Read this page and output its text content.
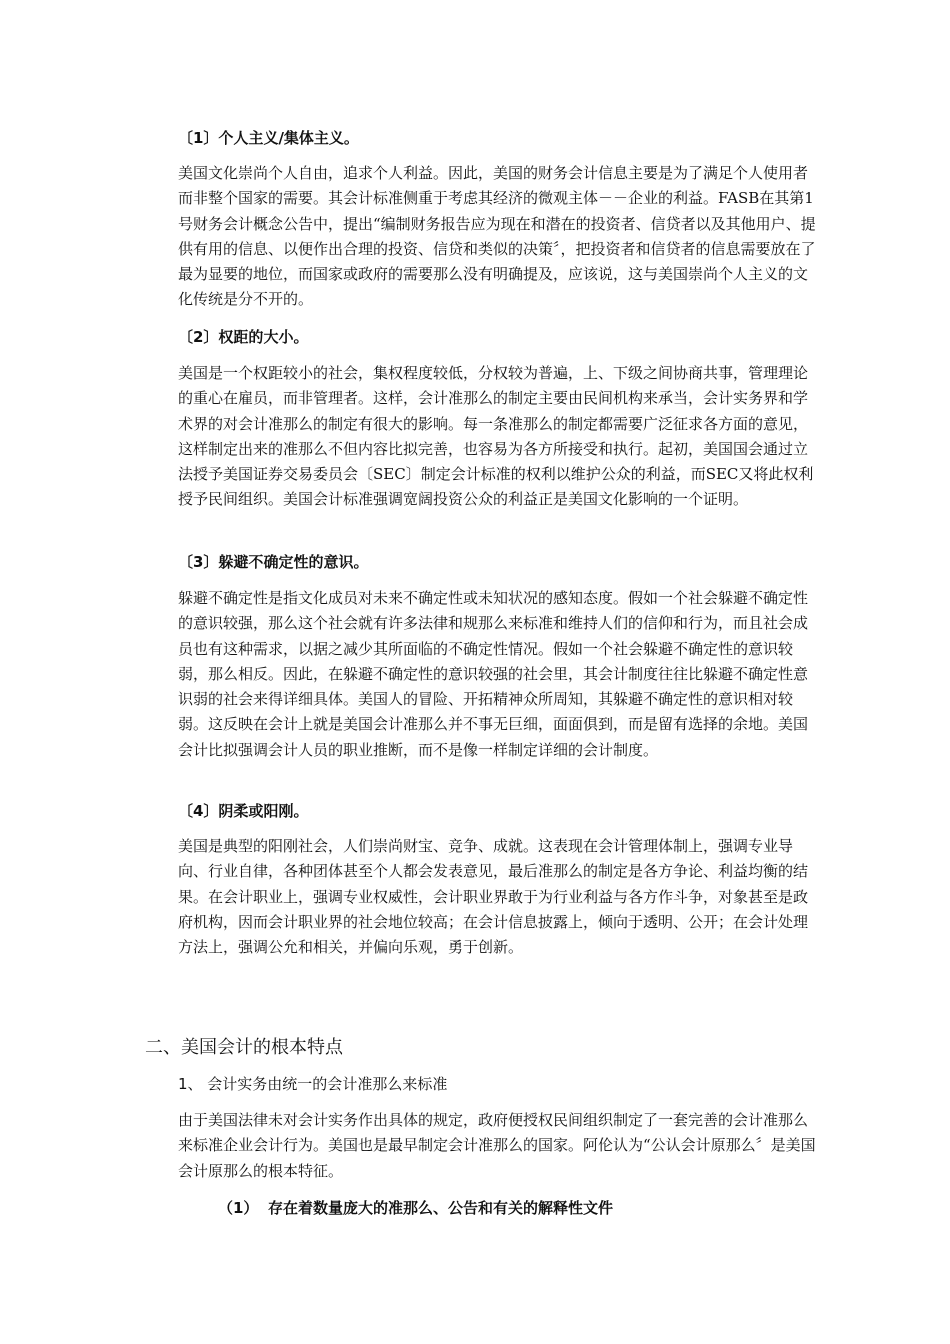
〔1〕个人主义/集体主义。

美国文化崇尚个人自由，追求个人利益。因此，美国的财务会计信息主要是为了满足个人使用者而非整个国家的需要。其会计标准侧重于考虑其经济的微观主体－－企业的利益。FASB在其第1号财务会计概念公告中，提出“编制财务报告应为现在和潜在的投资者、信贷者以及其他用户、提供有用的信息、以便作出合理的投资、信贷和类似的决策〞，把投资者和信贷者的信息需要放在了最为显要的地位，而国家或政府的需要那么没有明确提及，应该说，这与美国崇尚个人主义的文化传统是分不开的。

〔2〕权距的大小。

美国是一个权距较小的社会，集权程度较低，分权较为普遍，上、下级之间协商共事，管理理论的重心在雇员，而非管理者。这样，会计准那么的制定主要由民间机构来承当，会计实务界和学术界的对会计准那么的制定有很大的影响。每一条准那么的制定都需要广泛征求各方面的意见，这样制定出来的准那么不但内容比拟完善，也容易为各方所接受和执行。起初，美国国会通过立法授予美国证券交易委员会〔SEC〕制定会计标准的权利以维护公众的利益，而SEC又将此权利授予民间组织。美国会计标准强调宽阔投资公众的利益正是美国文化影响的一个证明。

〔3〕躲避不确定性的意识。

躲避不确定性是指文化成员对未来不确定性或未知状况的感知态度。假如一个社会躲避不确定性的意识较强，那么这个社会就有许多法律和规那么来标准和维持人们的信仰和行为，而且社会成员也有这种需求，以据之减少其所面临的不确定性情况。假如一个社会躲避不确定性的意识较弱，那么相反。因此，在躲避不确定性的意识较强的社会里，其会计制度往往比躲避不确定性意识弱的社会来得详细具体。美国人的冒险、开拓精神众所周知，其躲避不确定性的意识相对较弱。这反映在会计上就是美国会计准那么并不事无巨细，面面俱到，而是留有选择的余地。美国会计比拟强调会计人员的职业推断，而不是像一样制定详细的会计制度。

〔4〕阴柔或阳刚。

美国是典型的阳刚社会，人们崇尚财宝、竞争、成就。这表现在会计管理体制上，强调专业导向、行业自律，各种团体甚至个人都会发表意见，最后准那么的制定是各方争论、利益均衡的结果。在会计职业上，强调专业权威性，会计职业界敢于为行业利益与各方作斗争，对象甚至是政府机构，因而会计职业界的社会地位较高；在会计信息披露上，倾向于透明、公开；在会计处理方法上，强调公允和相关，并偏向乐观，勇于创新。

二、美国会计的根本特点
1、 会计实务由统一的会计准那么来标准

由于美国法律未对会计实务作出具体的规定，政府便授权民间组织制定了一套完善的会计准那么来标准企业会计行为。美国也是最早制定会计准那么的国家。阿伦认为“公认会计原那么〞是美国会计原那么的根本特征。

（1） 存在着数量庞大的准那么、公告和有关的解释性文件
